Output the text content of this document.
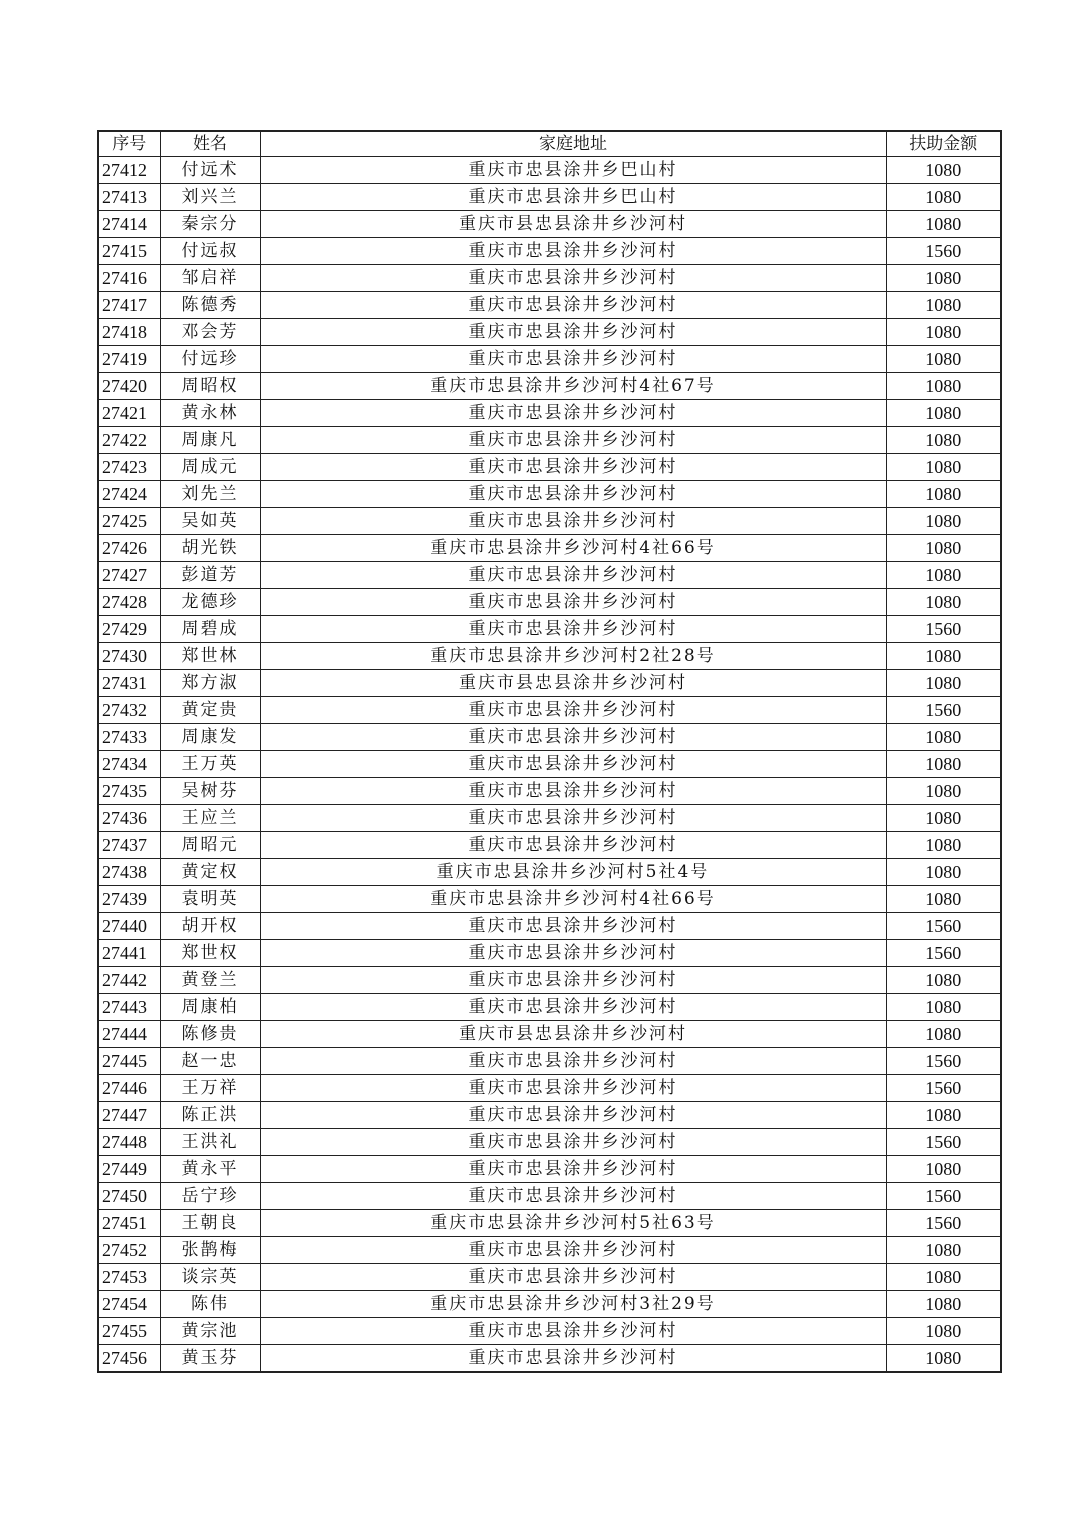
序号	姓名	家庭地址	扶助金额
27412	付远术	重庆市忠县涂井乡巴山村	1080
27413	刘兴兰	重庆市忠县涂井乡巴山村	1080
27414	秦宗分	重庆市县忠县涂井乡沙河村	1080
27415	付远叔	重庆市忠县涂井乡沙河村	1560
27416	邹启祥	重庆市忠县涂井乡沙河村	1080
27417	陈德秀	重庆市忠县涂井乡沙河村	1080
27418	邓会芳	重庆市忠县涂井乡沙河村	1080
27419	付远珍	重庆市忠县涂井乡沙河村	1080
27420	周昭权	重庆市忠县涂井乡沙河村4社67号	1080
27421	黄永林	重庆市忠县涂井乡沙河村	1080
27422	周康凡	重庆市忠县涂井乡沙河村	1080
27423	周成元	重庆市忠县涂井乡沙河村	1080
27424	刘先兰	重庆市忠县涂井乡沙河村	1080
27425	吴如英	重庆市忠县涂井乡沙河村	1080
27426	胡光铁	重庆市忠县涂井乡沙河村4社66号	1080
27427	彭道芳	重庆市忠县涂井乡沙河村	1080
27428	龙德珍	重庆市忠县涂井乡沙河村	1080
27429	周碧成	重庆市忠县涂井乡沙河村	1560
27430	郑世林	重庆市忠县涂井乡沙河村2社28号	1080
27431	郑方淑	重庆市县忠县涂井乡沙河村	1080
27432	黄定贵	重庆市忠县涂井乡沙河村	1560
27433	周康发	重庆市忠县涂井乡沙河村	1080
27434	王万英	重庆市忠县涂井乡沙河村	1080
27435	吴树芬	重庆市忠县涂井乡沙河村	1080
27436	王应兰	重庆市忠县涂井乡沙河村	1080
27437	周昭元	重庆市忠县涂井乡沙河村	1080
27438	黄定权	重庆市忠县涂井乡沙河村5社4号	1080
27439	袁明英	重庆市忠县涂井乡沙河村4社66号	1080
27440	胡开权	重庆市忠县涂井乡沙河村	1560
27441	郑世权	重庆市忠县涂井乡沙河村	1560
27442	黄登兰	重庆市忠县涂井乡沙河村	1080
27443	周康柏	重庆市忠县涂井乡沙河村	1080
27444	陈修贵	重庆市县忠县涂井乡沙河村	1080
27445	赵一忠	重庆市忠县涂井乡沙河村	1560
27446	王万祥	重庆市忠县涂井乡沙河村	1560
27447	陈正洪	重庆市忠县涂井乡沙河村	1080
27448	王洪礼	重庆市忠县涂井乡沙河村	1560
27449	黄永平	重庆市忠县涂井乡沙河村	1080
27450	岳宁珍	重庆市忠县涂井乡沙河村	1560
27451	王朝良	重庆市忠县涂井乡沙河村5社63号	1560
27452	张鹊梅	重庆市忠县涂井乡沙河村	1080
27453	谈宗英	重庆市忠县涂井乡沙河村	1080
27454	陈伟	重庆市忠县涂井乡沙河村3社29号	1080
27455	黄宗池	重庆市忠县涂井乡沙河村	1080
27456	黄玉芬	重庆市忠县涂井乡沙河村	1080
